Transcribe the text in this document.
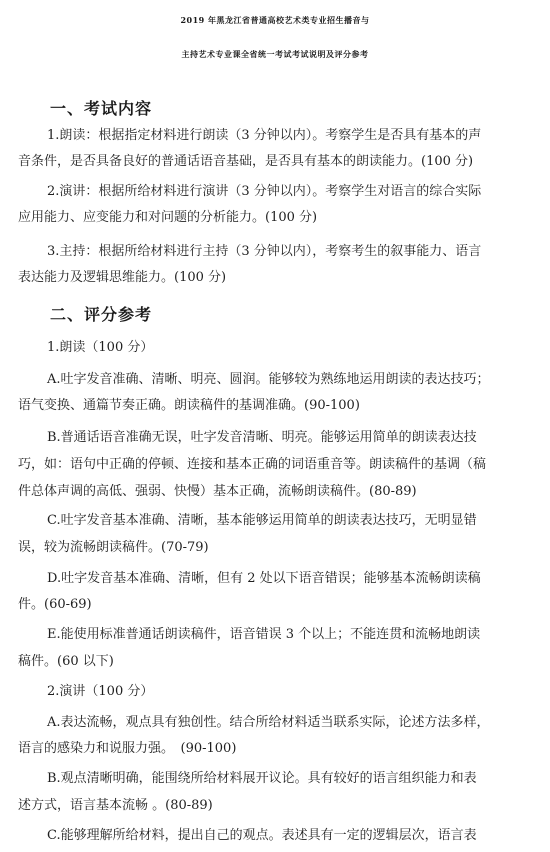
2019 年黑龙江省普通高校艺术类专业招生播音与
主持艺术专业课全省统一考试考试说明及评分参考
一、考试内容
1.朗读：根据指定材料进行朗读（3 分钟以内）。考察学生是否具有基本的声
音条件，是否具备良好的普通话语音基础，是否具有基本的朗读能力。(100 分)
2.演讲：根据所给材料进行演讲（3 分钟以内）。考察学生对语言的综合实际
应用能力、应变能力和对问题的分析能力。(100 分)
3.主持：根据所给材料进行主持（3 分钟以内），考察考生的叙事能力、语言
表达能力及逻辑思维能力。(100 分)
二、评分参考
1.朗读（100 分）
A.吐字发音准确、清晰、明亮、圆润。能够较为熟练地运用朗读的表达技巧；
语气变换、通篇节奏正确。朗读稿件的基调准确。(90-100)
B.普通话语音准确无误，吐字发音清晰、明亮。能够运用简单的朗读表达技
巧，如：语句中正确的停顿、连接和基本正确的词语重音等。朗读稿件的基调（稿
件总体声调的高低、强弱、快慢）基本正确，流畅朗读稿件。(80-89)
C.吐字发音基本准确、清晰，基本能够运用简单的朗读表达技巧，无明显错
误，较为流畅朗读稿件。(70-79)
D.吐字发音基本准确、清晰，但有 2 处以下语音错误；能够基本流畅朗读稿
件。(60-69)
E.能使用标准普通话朗读稿件，语音错误 3 个以上；不能连贯和流畅地朗读
稿件。(60 以下)
2.演讲（100 分）
A.表达流畅，观点具有独创性。结合所给材料适当联系实际，论述方法多样，
语言的感染力和说服力强。　(90-100)
B.观点清晰明确，能围绕所给材料展开议论。具有较好的语言组织能力和表
述方式，语言基本流畅 。(80-89)
C.能够理解所给材料，提出自己的观点。表述具有一定的逻辑层次，语言表
